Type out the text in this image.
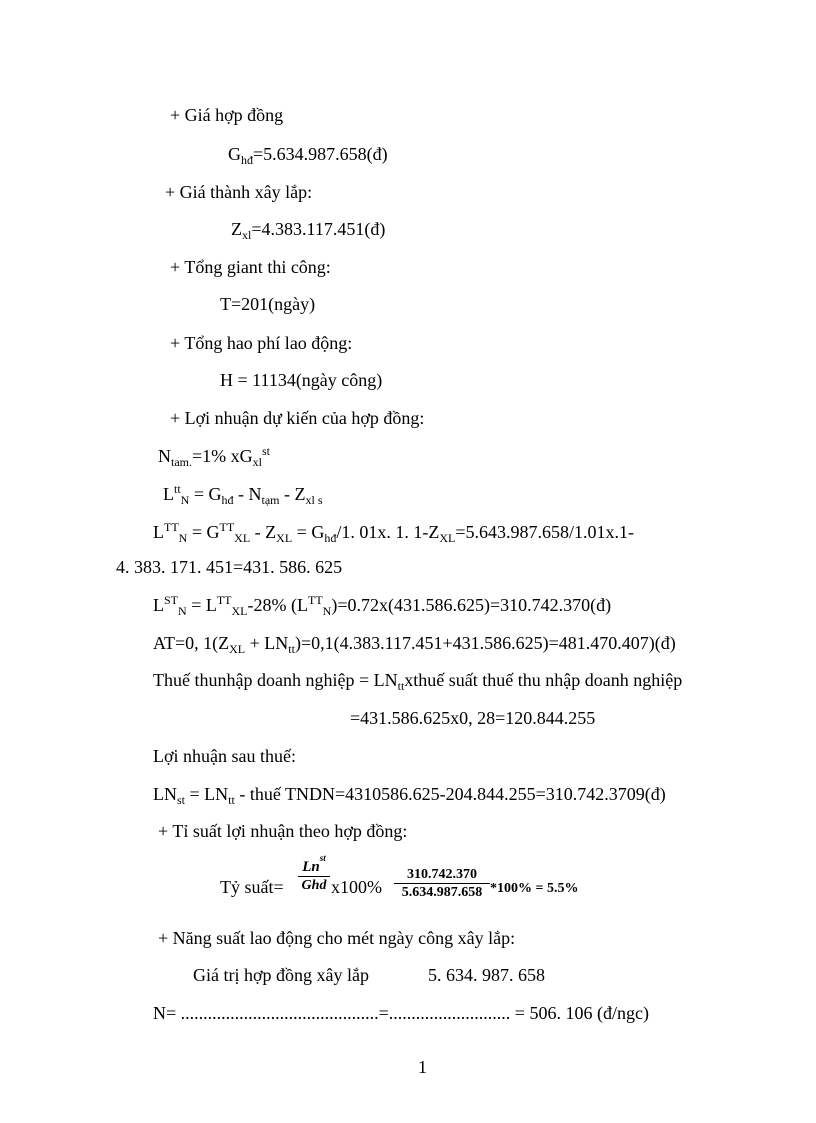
+ Giá hợp đồng
$G_{hđ}=5.634.987.658(đ)$
+ Giá thành xây lắp:
$Z_{xl}=4.383.117.451(đ)$
+ Tổng giant thi công:
T=201(ngày)
+ Tổng hao phí lao động:
H = 11134(ngày công)
+ Lợi nhuận dự kiến của hợp đồng:
$N_{tam.}=1\%$ $xG_{xl}^{st}$
$L^{tt}_N = G_{hđ} - N_{tạm} - Z_{xl s}$
$L^{TT}_N = G^{TT}_{XL} - Z_{XL} = G_{hđ}/1$. 01x. 1. $1-Z_{XL}=5.643.987.658/1.01x.1-$
4. 383. 171. 451=431. 586. 625
$LST_N = L^{TT}_{XL}-28\%$ $(L^{TT}_N)=0.72x(431.586.625)=310.742.370(đ)$
AT=0, $1(Z_{XL}$ + $LN_{tt})=0,1(4.383.117.451+431.586.625)=481.470.407)(đ)$
Thuế thunhập doanh nghiệp = $LN_{tt}xthuế$ suất thuế thu nhập doanh nghiệp
=431.586.625x0, 28=120.844.255
Lợi nhuận sau thuế:
$LN_{st} = LN_{tt}$ - thuế TNDN=4310586.625-204.844.255=310.742.3709(đ)
+ Tỉ suất lợi nhuận theo hợp đồng:
Tỷ suất=
$Ln^{st}$
Ghd x100%
310.742.370
5.634.987.658 *100% = 5.5%
+ Năng suất lao động cho mét ngày công xây lắp:
Giá trị hợp đồng xây lắp	5. 634. 987. 658
N= ............................................=........................... = 506. 106 (đ/ngc)
1
